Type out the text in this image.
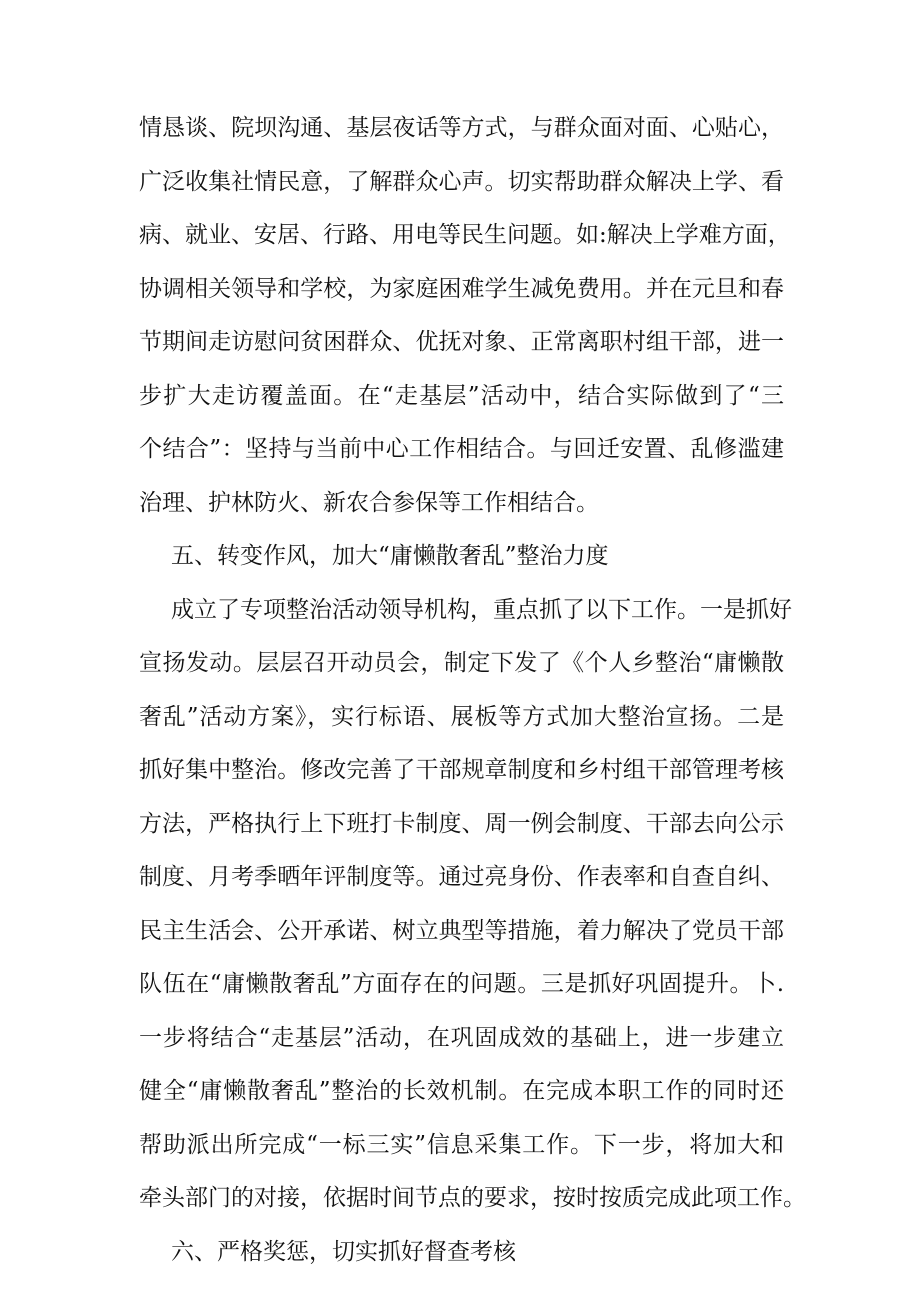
情恳谈、院坝沟通、基层夜话等方式，与群众面对面、心贴心，
广泛收集社情民意，了解群众心声。切实帮助群众解决上学、看
病、就业、安居、行路、用电等民生问题。如:解决上学难方面，
协调相关领导和学校，为家庭困难学生减免费用。并在元旦和春
节期间走访慰问贫困群众、优抚对象、正常离职村组干部，进一
步扩大走访覆盖面。在“走基层”活动中，结合实际做到了“三
个结合”：坚持与当前中心工作相结合。与回迁安置、乱修滥建
治理、护林防火、新农合参保等工作相结合。
五、转变作风，加大“庸懒散奢乱”整治力度
成立了专项整治活动领导机构，重点抓了以下工作。一是抓好
宣扬发动。层层召开动员会，制定下发了《个人乡整治“庸懒散
奢乱”活动方案》，实行标语、展板等方式加大整治宣扬。二是
抓好集中整治。修改完善了干部规章制度和乡村组干部管理考核
方法，严格执行上下班打卡制度、周一例会制度、干部去向公示
制度、月考季晒年评制度等。通过亮身份、作表率和自查自纠、
民主生活会、公开承诺、树立典型等措施，着力解决了党员干部
队伍在“庸懒散奢乱”方面存在的问题。三是抓好巩固提升。卜.
一步将结合“走基层”活动，在巩固成效的基础上，进一步建立
健全“庸懒散奢乱”整治的长效机制。在完成本职工作的同时还
帮助派出所完成“一标三实”信息采集工作。下一步，将加大和
牵头部门的对接，依据时间节点的要求，按时按质完成此项工作。
六、严格奖惩，切实抓好督查考核
